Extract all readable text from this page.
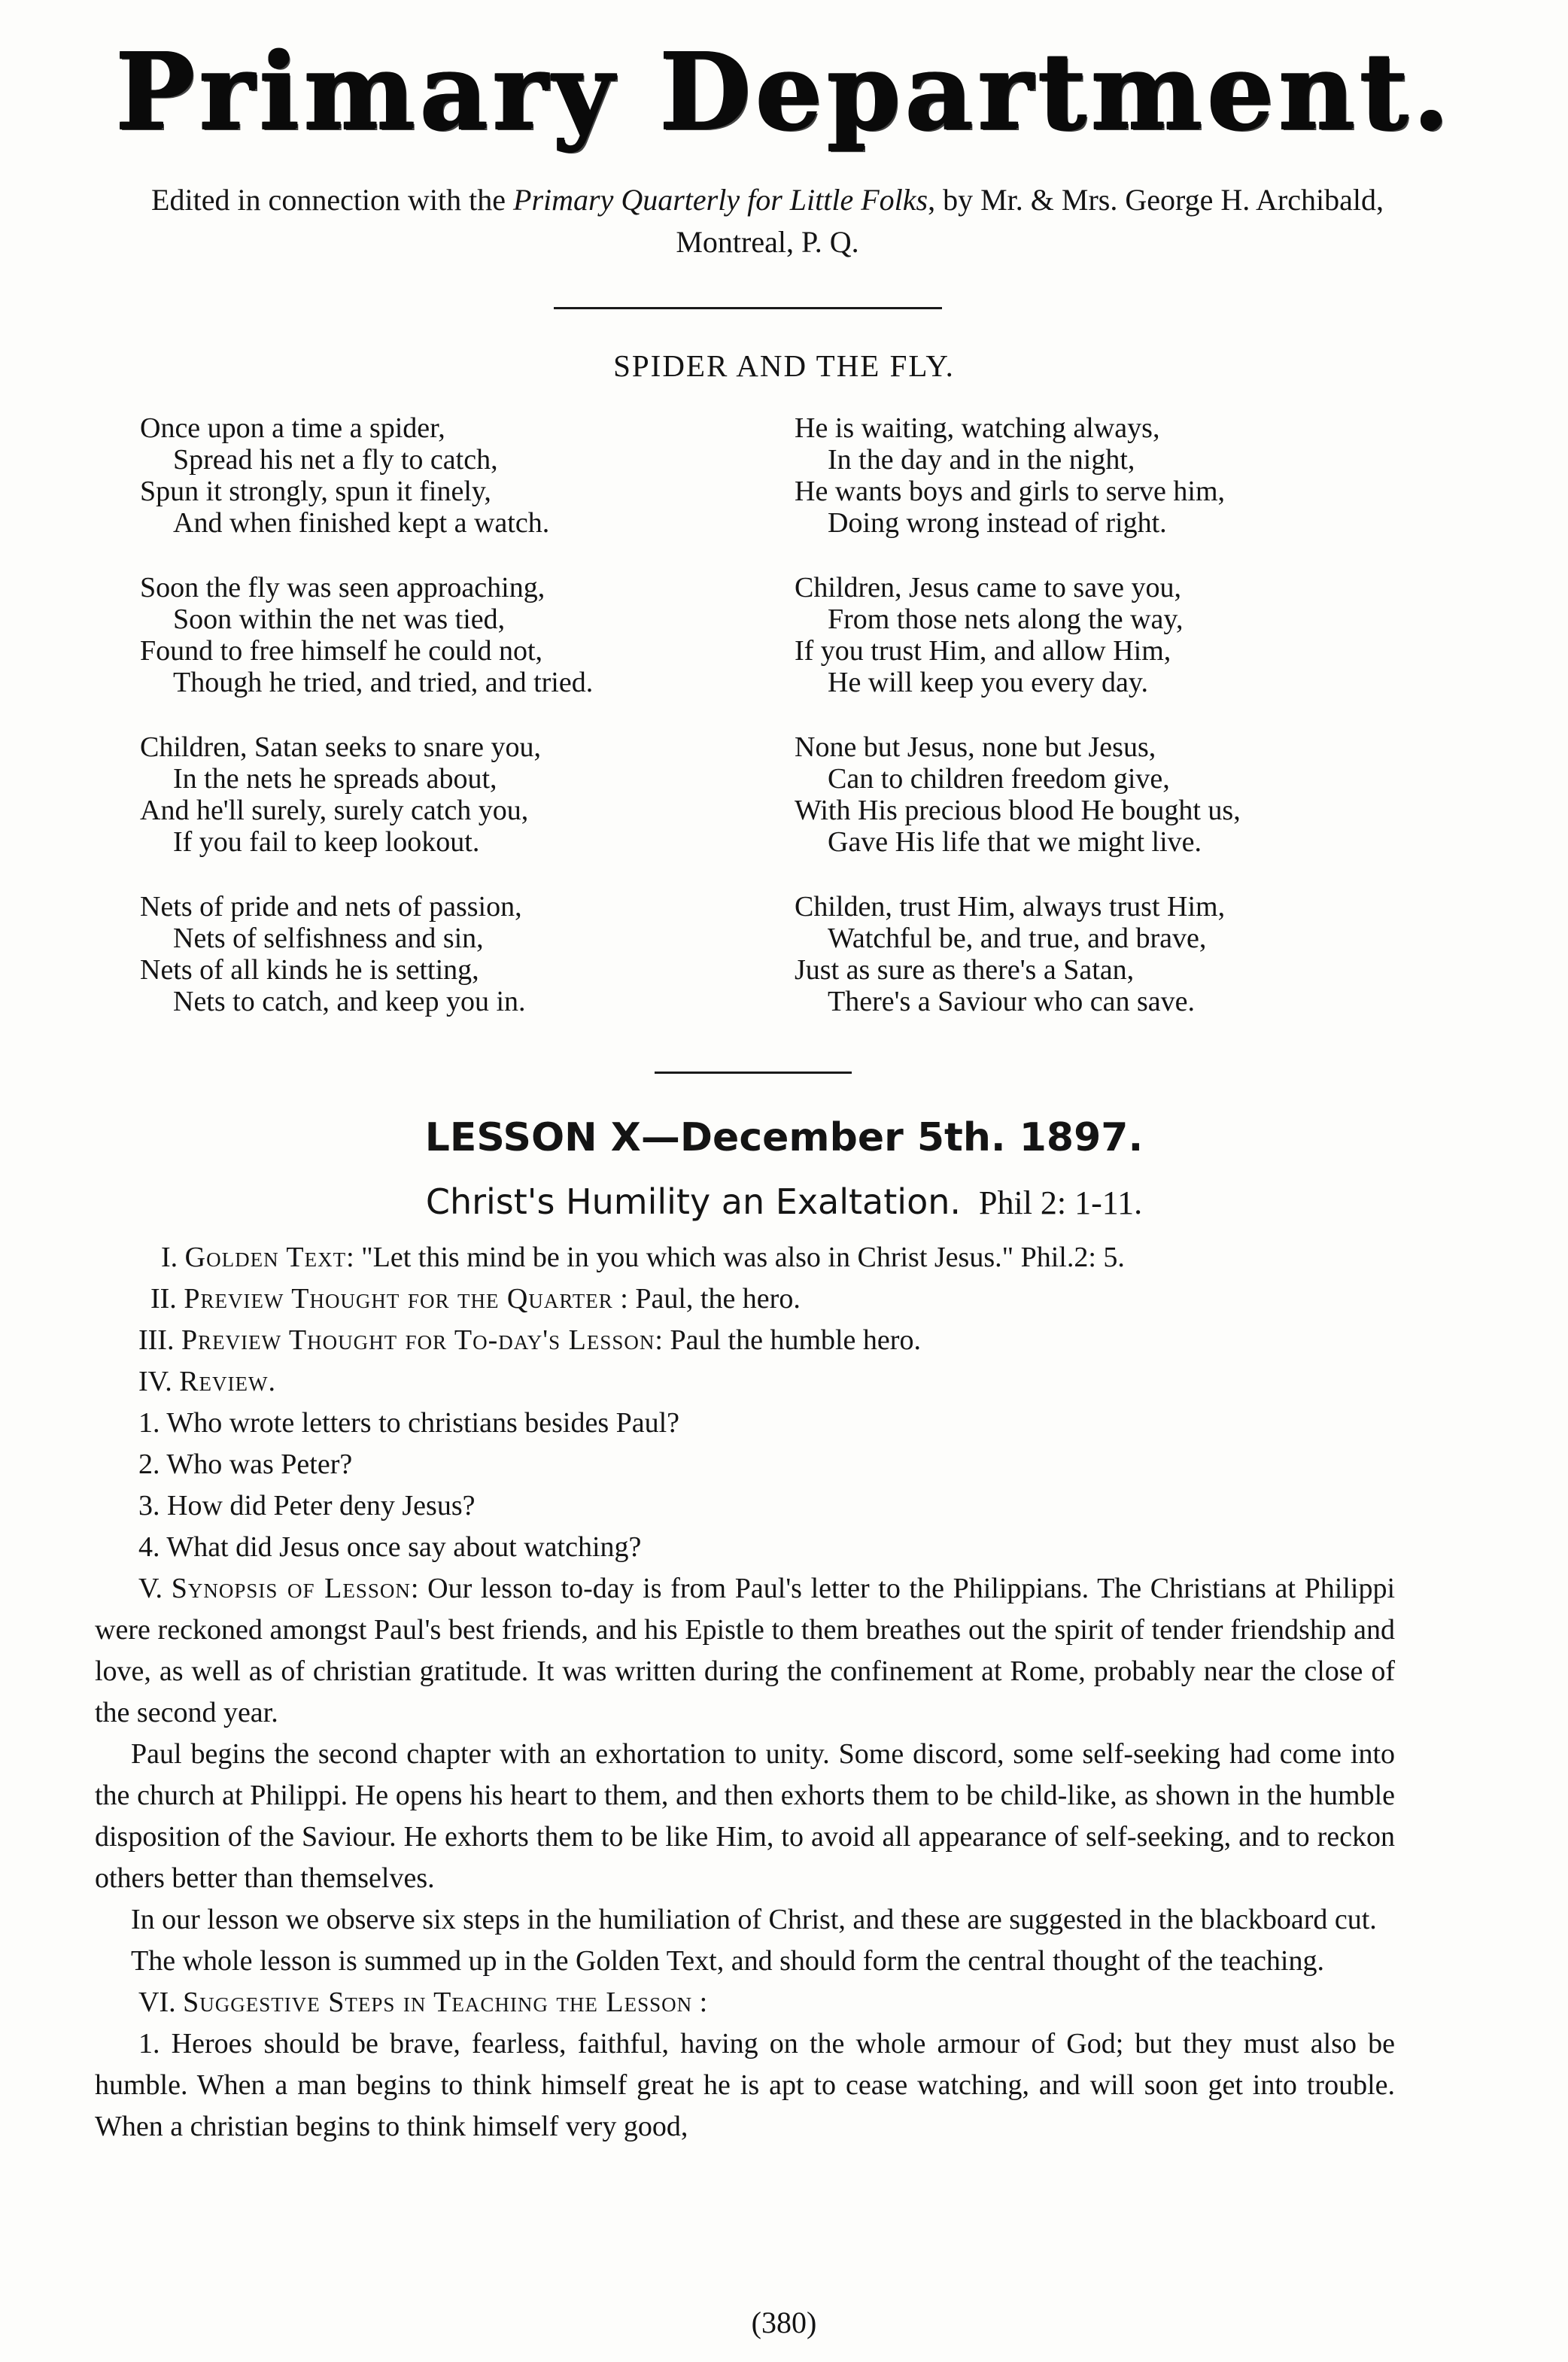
Primary Department.
Edited in connection with the Primary Quarterly for Little Folks, by Mr. & Mrs. George H. Archibald, Montreal, P. Q.
SPIDER AND THE FLY.
Once upon a time a spider,
Spread his net a fly to catch,
Spun it strongly, spun it finely,
And when finished kept a watch.
Soon the fly was seen approaching,
Soon within the net was tied,
Found to free himself he could not,
Though he tried, and tried, and tried.
Children, Satan seeks to snare you,
In the nets he spreads about,
And he'll surely, surely catch you,
If you fail to keep lookout.
Nets of pride and nets of passion,
Nets of selfishness and sin,
Nets of all kinds he is setting,
Nets to catch, and keep you in.
He is waiting, watching always,
In the day and in the night,
He wants boys and girls to serve him,
Doing wrong instead of right.
Children, Jesus came to save you,
From those nets along the way,
If you trust Him, and allow Him,
He will keep you every day.
None but Jesus, none but Jesus,
Can to children freedom give,
With His precious blood He bought us,
Gave His life that we might live.
Childen, trust Him, always trust Him,
Watchful be, and true, and brave,
Just as sure as there's a Satan,
There's a Saviour who can save.
LESSON X—December 5th. 1897.
Christ's Humility an Exaltation. Phil 2: 1-11.
I. Golden Text: "Let this mind be in you which was also in Christ Jesus." Phil.2: 5.
II. Preview Thought for the Quarter : Paul, the hero.
III. Preview Thought for To-day's Lesson: Paul the humble hero.
IV. Review.
1. Who wrote letters to christians besides Paul?
2. Who was Peter?
3. How did Peter deny Jesus?
4. What did Jesus once say about watching?

V. Synopsis of Lesson: Our lesson to-day is from Paul's letter to the Philippians. The Christians at Philippi were reckoned amongst Paul's best friends, and his Epistle to them breathes out the spirit of tender friendship and love, as well as of christian gratitude. It was written during the confinement at Rome, probably near the close of the second year.

Paul begins the second chapter with an exhortation to unity. Some discord, some self-seeking had come into the church at Philippi. He opens his heart to them, and then exhorts them to be child-like, as shown in the humble disposition of the Saviour. He exhorts them to be like Him, to avoid all appearance of self-seeking, and to reckon others better than themselves.

In our lesson we observe six steps in the humiliation of Christ, and these are suggested in the blackboard cut.

The whole lesson is summed up in the Golden Text, and should form the central thought of the teaching.

VI. Suggestive Steps in Teaching the Lesson :

1. Heroes should be brave, fearless, faithful, having on the whole armour of God; but they must also be humble. When a man begins to think himself great he is apt to cease watching, and will soon get into trouble. When a christian begins to think himself very good,

(380)
